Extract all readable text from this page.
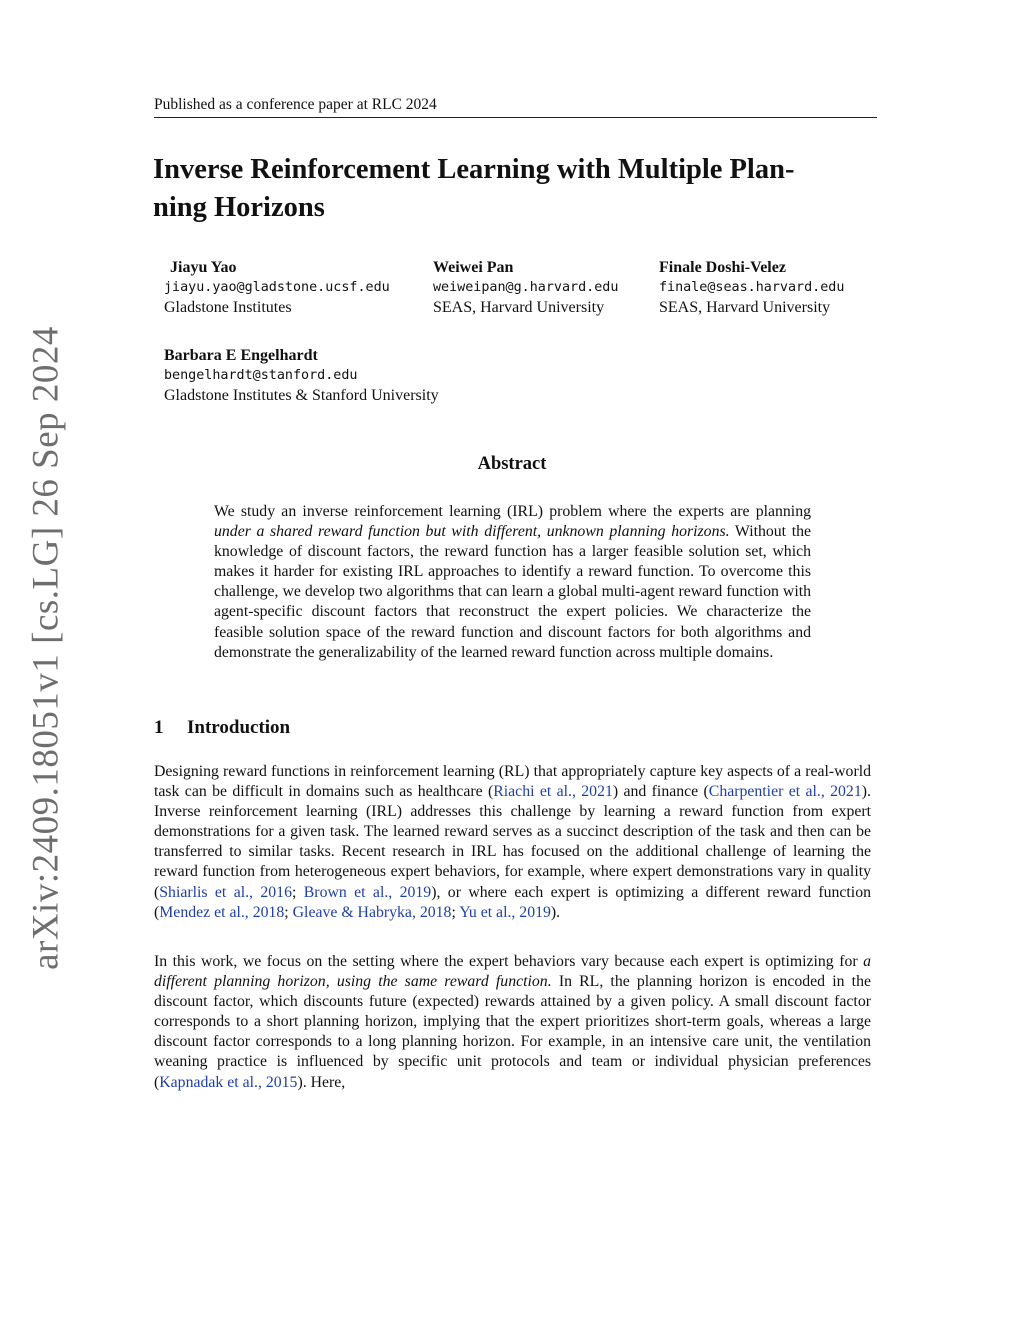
arXiv:2409.18051v1 [cs.LG] 26 Sep 2024
Published as a conference paper at RLC 2024
Inverse Reinforcement Learning with Multiple Plan-
ning Horizons
Jiayu Yao
jiayu.yao@gladstone.ucsf.edu
Gladstone Institutes
Weiwei Pan
weiweipan@g.harvard.edu
SEAS, Harvard University
Finale Doshi-Velez
finale@seas.harvard.edu
SEAS, Harvard University
Barbara E Engelhardt
bengelhardt@stanford.edu
Gladstone Institutes & Stanford University
Abstract
We study an inverse reinforcement learning (IRL) problem where the experts are planning under a shared reward function but with different, unknown planning horizons. Without the knowledge of discount factors, the reward function has a larger feasible solution set, which makes it harder for existing IRL approaches to identify a reward function. To overcome this challenge, we develop two algorithms that can learn a global multi-agent reward function with agent-specific discount factors that reconstruct the expert policies. We characterize the feasible solution space of the reward function and discount factors for both algorithms and demonstrate the generalizability of the learned reward function across multiple domains.
1 Introduction

Designing reward functions in reinforcement learning (RL) that appropriately capture key aspects of a real-world task can be difficult in domains such as healthcare (Riachi et al., 2021) and finance (Charpentier et al., 2021). Inverse reinforcement learning (IRL) addresses this challenge by learning a reward function from expert demonstrations for a given task. The learned reward serves as a succinct description of the task and then can be transferred to similar tasks. Recent research in IRL has focused on the additional challenge of learning the reward function from heterogeneous expert behaviors, for example, where expert demonstrations vary in quality (Shiarlis et al., 2016; Brown et al., 2019), or where each expert is optimizing a different reward function (Mendez et al., 2018; Gleave & Habryka, 2018; Yu et al., 2019).

In this work, we focus on the setting where the expert behaviors vary because each expert is optimizing for a different planning horizon, using the same reward function. In RL, the planning horizon is encoded in the discount factor, which discounts future (expected) rewards attained by a given policy. A small discount factor corresponds to a short planning horizon, implying that the expert prioritizes short-term goals, whereas a large discount factor corresponds to a long planning horizon. For example, in an intensive care unit, the ventilation weaning practice is influenced by specific unit protocols and team or individual physician preferences (Kapnadak et al., 2015). Here,
